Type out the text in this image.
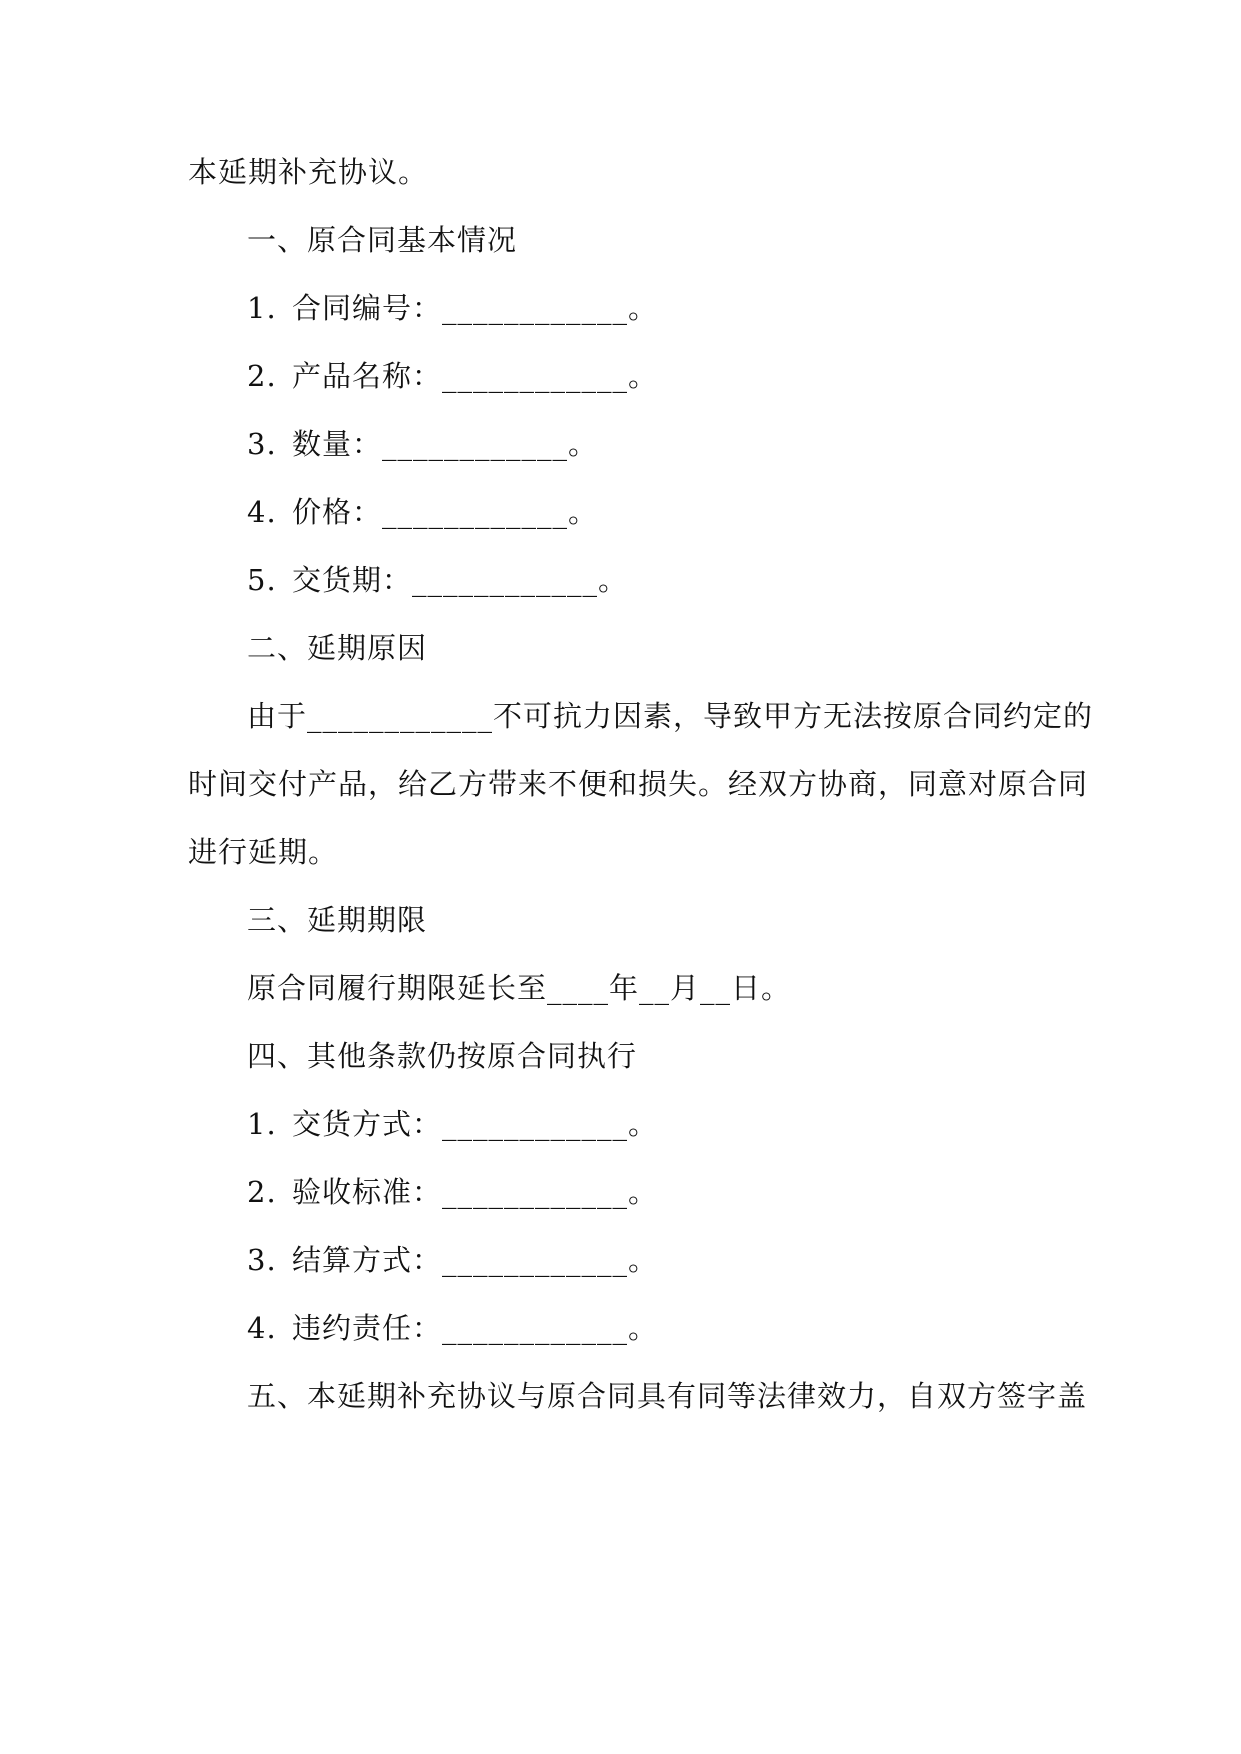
本延期补充协议。
一、原合同基本情况
1. 合同编号：____________。
2. 产品名称：____________。
3. 数量：____________。
4. 价格：____________。
5. 交货期：____________。
二、延期原因
由于____________不可抗力因素，导致甲方无法按原合同约定的
时间交付产品，给乙方带来不便和损失。经双方协商，同意对原合同
进行延期。
三、延期期限
原合同履行期限延长至____年__月__日。
四、其他条款仍按原合同执行
1. 交货方式：____________。
2. 验收标准：____________。
3. 结算方式：____________。
4. 违约责任：____________。
五、本延期补充协议与原合同具有同等法律效力，自双方签字盖
